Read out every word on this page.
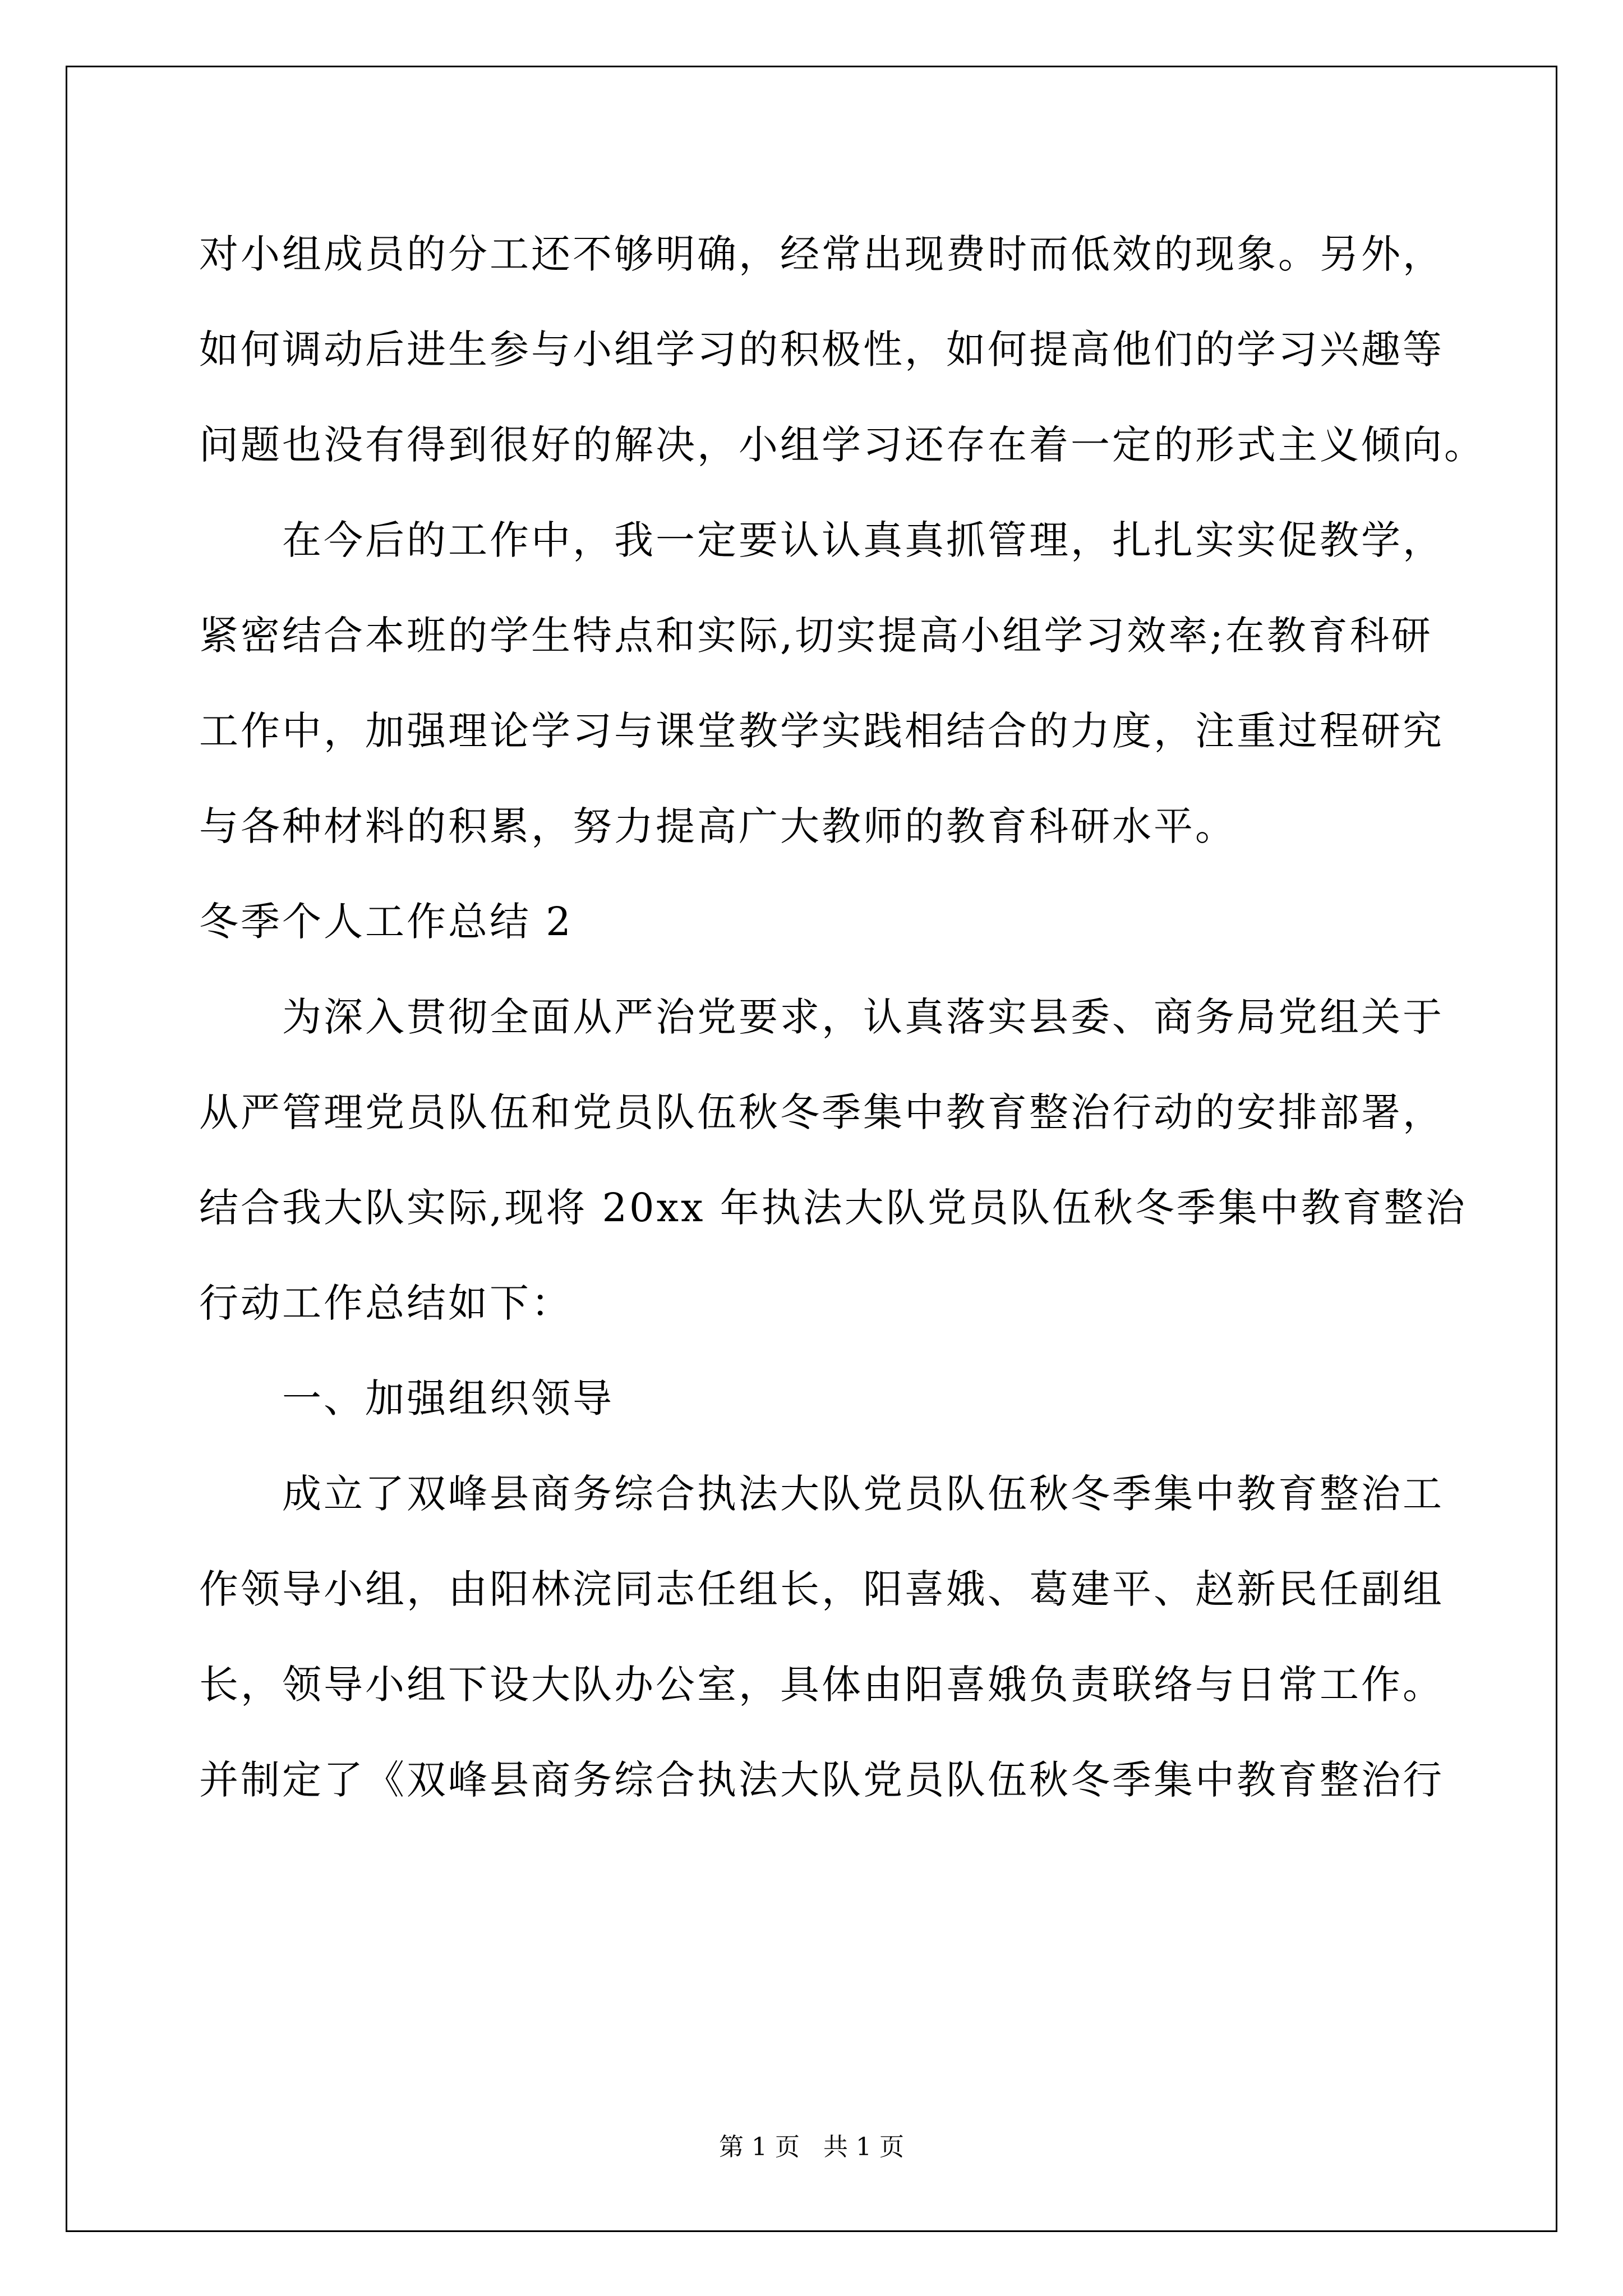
对小组成员的分工还不够明确，经常出现费时而低效的现象。另外，

如何调动后进生参与小组学习的积极性，如何提高他们的学习兴趣等

问题也没有得到很好的解决，小组学习还存在着一定的形式主义倾向。

在今后的工作中，我一定要认认真真抓管理，扎扎实实促教学，

紧密结合本班的学生特点和实际,切实提高小组学习效率;在教育科研

工作中，加强理论学习与课堂教学实践相结合的力度，注重过程研究

与各种材料的积累，努力提高广大教师的教育科研水平。

冬季个人工作总结 2

为深入贯彻全面从严治党要求，认真落实县委、商务局党组关于

从严管理党员队伍和党员队伍秋冬季集中教育整治行动的安排部署，

结合我大队实际,现将 20xx 年执法大队党员队伍秋冬季集中教育整治

行动工作总结如下：

一、加强组织领导

成立了双峰县商务综合执法大队党员队伍秋冬季集中教育整治工

作领导小组，由阳林浣同志任组长，阳喜娥、葛建平、赵新民任副组

长，领导小组下设大队办公室，具体由阳喜娥负责联络与日常工作。

并制定了《双峰县商务综合执法大队党员队伍秋冬季集中教育整治行

第 1 页   共 1 页
